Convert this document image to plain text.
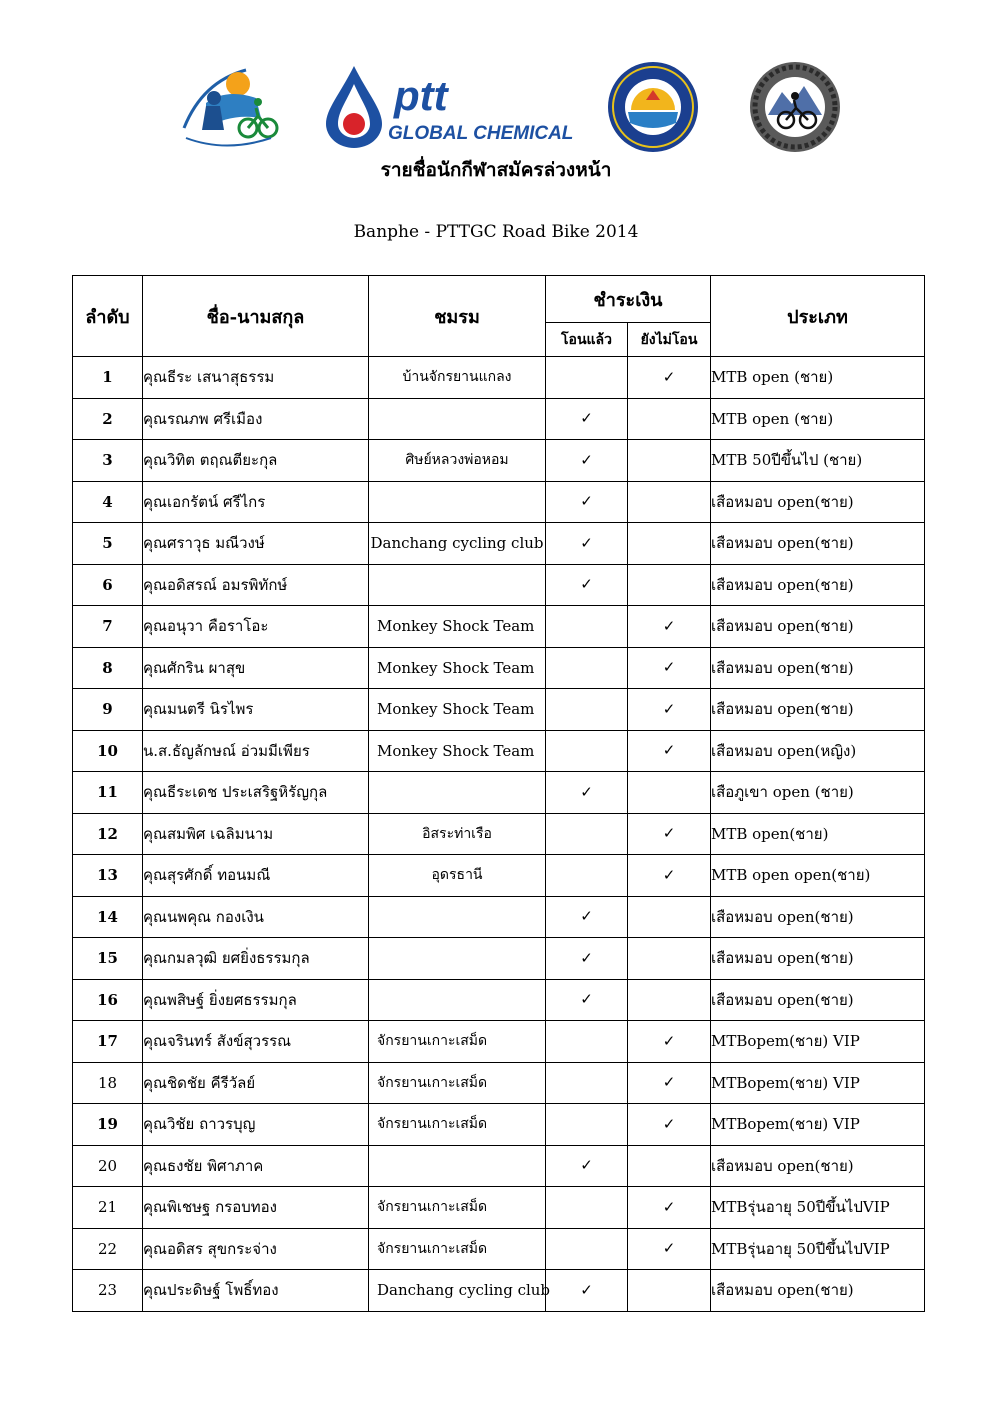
ptt
GLOBAL CHEMICAL
รายชื่อนักกีฬาสมัครล่วงหน้า
Banphe - PTTGC Road Bike 2014
ลำดับ	ชื่อ-นามสกุล	ชมรม	ชำระเงิน		ประเภท
			โอนแล้ว	ยังไม่โอน	
1	คุณธีระ เสนาสุธรรม	บ้านจักรยานแกลง		✓	MTB open (ชาย)
2	คุณรณภพ ศรีเมือง		✓		MTB open (ชาย)
3	คุณวิทิต ตฤณตียะกุล	ศิษย์หลวงพ่อหอม	✓		MTB 50ปีขึ้นไป (ชาย)
4	คุณเอกรัตน์ ศรีไกร		✓		เสือหมอบ open(ชาย)
5	คุณศราวุธ มณีวงษ์	Danchang cycling club	✓		เสือหมอบ open(ชาย)
6	คุณอดิสรณ์ อมรพิทักษ์		✓		เสือหมอบ open(ชาย)
7	คุณอนุวา คือราโอะ	Monkey Shock Team		✓	เสือหมอบ open(ชาย)
8	คุณศักริน ผาสุข	Monkey Shock Team		✓	เสือหมอบ open(ชาย)
9	คุณมนตรี นิรไพร	Monkey Shock Team		✓	เสือหมอบ open(ชาย)
10	น.ส.ธัญลักษณ์ อ่วมมีเพียร	Monkey Shock Team		✓	เสือหมอบ open(หญิง)
11	คุณธีระเดช ประเสริฐหิรัญกุล		✓		เสือภูเขา open (ชาย)
12	คุณสมพิศ เฉลิมนาม	อิสระท่าเรือ		✓	MTB open(ชาย)
13	คุณสุรศักดิ์ ทอนมณี	อุดรธานี		✓	MTB open open(ชาย)
14	คุณนพคุณ กองเงิน		✓		เสือหมอบ open(ชาย)
15	คุณกมลวุฒิ ยศยิ่งธรรมกุล		✓		เสือหมอบ open(ชาย)
16	คุณพสิษฐ์ ยิ่งยศธรรมกุล		✓		เสือหมอบ open(ชาย)
17	คุณจรินทร์ สังข์สุวรรณ	จักรยานเกาะเสม็ด		✓	MTBopem(ชาย) VIP
18	คุณชิดชัย คีรีวัลย์	จักรยานเกาะเสม็ด		✓	MTBopem(ชาย) VIP
19	คุณวิชัย ถาวรบุญ	จักรยานเกาะเสม็ด		✓	MTBopem(ชาย) VIP
20	คุณธงชัย พิศาภาค		✓		เสือหมอบ open(ชาย)
21	คุณพิเชษฐ กรอบทอง	จักรยานเกาะเสม็ด		✓	MTBรุ่นอายุ 50ปีขึ้นไปVIP
22	คุณอดิสร สุขกระจ่าง	จักรยานเกาะเสม็ด		✓	MTBรุ่นอายุ 50ปีขึ้นไปVIP
23	คุณประดิษฐ์ โพธิ์ทอง	Danchang cycling club	✓		เสือหมอบ open(ชาย)
